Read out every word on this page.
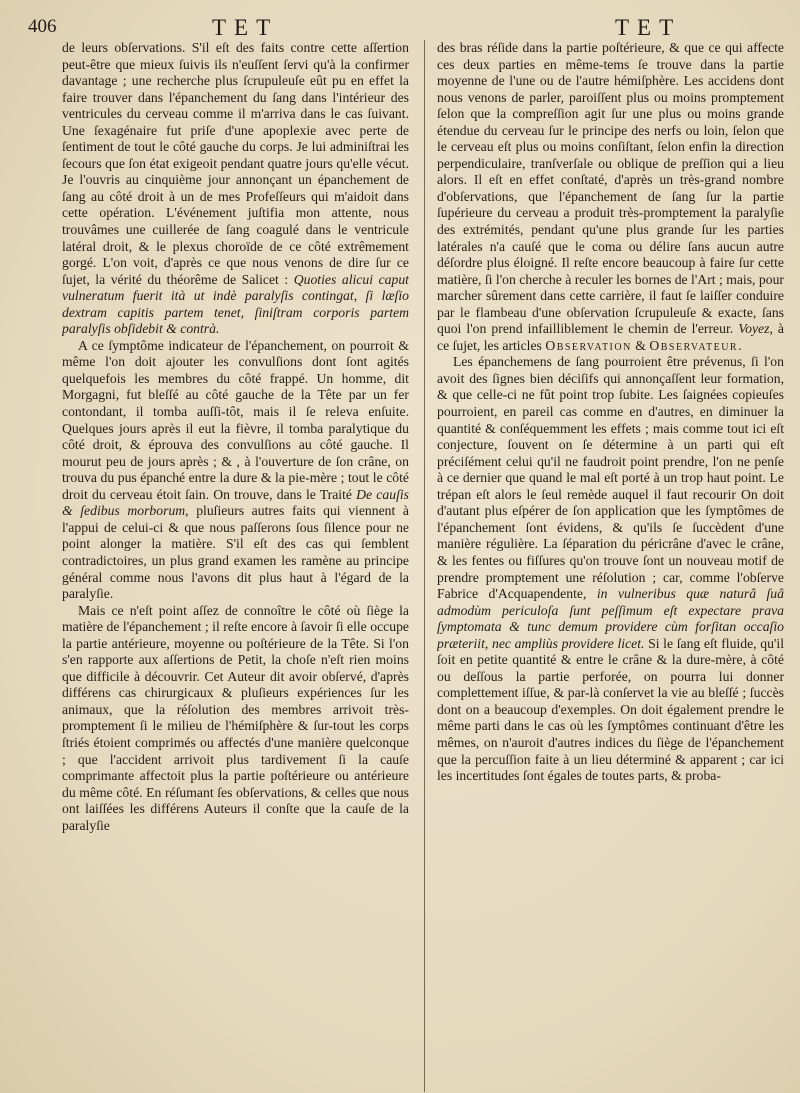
406	TET	TET

de leurs obſervations. S'il eſt des faits contre cette aſſertion peut-être que mieux ſuivis ils n'euſſent ſervi qu'à la confirmer davantage ; une recherche plus ſcrupuleuſe eût pu en effet la faire trouver dans l'épanchement du ſang dans l'intérieur des ventricules du cerveau comme il m'arriva dans le cas ſuivant. Une ſexagénaire fut priſe d'une apoplexie avec perte de ſentiment de tout le côté gauche du corps. Je lui adminiſtrai les ſecours que ſon état exigeoit pendant quatre jours qu'elle vécut. Je l'ouvris au cinquième jour annonçant un épanchement de ſang au côté droit à un de mes Profeſſeurs qui m'aidoit dans cette opération. L'événement juſtifia mon attente, nous trouvâmes une cuillerée de ſang coagulé dans le ventricule latéral droit, & le plexus choroïde de ce côté extrêmement gorgé. L'on voit, d'après ce que nous venons de dire ſur ce ſujet, la vérité du théorême de Salicet : Quoties alicui caput vulneratum fuerit ità ut indè paralyſis contingat, ſi læſio dextram capitis partem tenet, ſiniſtram corporis partem paralyſis obſidebit & contrà.

A ce ſymptôme indicateur de l'épanchement, on pourroit & même l'on doit ajouter les convulſions dont ſont agités quelquefois les membres du côté frappé. Un homme, dit Morgagni, fut bleſſé au côté gauche de la Tête par un fer contondant, il tomba auſſi-tôt, mais il ſe releva enſuite. Quelques jours après il eut la fièvre, il tomba paralytique du côté droit, & éprouva des convulſions au côté gauche. Il mourut peu de jours après ; & , à l'ouverture de ſon crâne, on trouva du pus épanché entre la dure & la pie-mère ; tout le côté droit du cerveau étoit ſain. On trouve, dans le Traité De cauſis & ſedibus morborum, pluſieurs autres faits qui viennent à l'appui de celui-ci & que nous paſſerons ſous ſilence pour ne point alonger la matière. S'il eſt des cas qui ſemblent contradictoires, un plus grand examen les ramène au principe général comme nous l'avons dit plus haut à l'égard de la paralyſie.

Mais ce n'eſt point aſſez de connoître le côté où ſiège la matière de l'épanchement ; il reſte encore à ſavoir ſi elle occupe la partie antérieure, moyenne ou poſtérieure de la Tête. Si l'on s'en rapporte aux aſſertions de Petit, la choſe n'eſt rien moins que difficile à découvrir. Cet Auteur dit avoir obſervé, d'après différens cas chirurgicaux & pluſieurs expériences ſur les animaux, que la réſolution des membres arrivoit très-promptement ſi le milieu de l'hémiſphère & ſur-tout les corps ſtriés étoient comprimés ou affectés d'une manière quelconque ; que l'accident arrivoit plus tardivement ſi la cauſe comprimante affectoit plus la partie poſtérieure ou antérieure du même côté. En réſumant ſes obſervations, & celles que nous ont laiſſées les différens Auteurs il conſte que la cauſe de la paralyſie

des bras réſide dans la partie poſtérieure, & que ce qui affecte ces deux parties en même-tems ſe trouve dans la partie moyenne de l'une ou de l'autre hémiſphère. Les accidens dont nous venons de parler, paroiſſent plus ou moins promptement ſelon que la compreſſion agit ſur une plus ou moins grande étendue du cerveau ſur le principe des nerfs ou loin, ſelon que le cerveau eſt plus ou moins conſiſtant, ſelon enfin la direction perpendiculaire, tranſverſale ou oblique de preſſion qui a lieu alors. Il eſt en effet conſtaté, d'après un très-grand nombre d'obſervations, que l'épanchement de ſang ſur la partie ſupérieure du cerveau a produit très-promptement la paralyſie des extrémités, pendant qu'une plus grande ſur les parties latérales n'a cauſé que le coma ou délire ſans aucun autre déſordre plus éloigné. Il reſte encore beaucoup à faire ſur cette matière, ſi l'on cherche à reculer les bornes de l'Art ; mais, pour marcher sûrement dans cette carrière, il faut ſe laiſſer conduire par le flambeau d'une obſervation ſcrupuleuſe & exacte, ſans quoi l'on prend infailliblement le chemin de l'erreur. Voyez, à ce ſujet, les articles Observation & Observateur.

Les épanchemens de ſang pourroient être prévenus, ſi l'on avoit des ſignes bien déciſifs qui annonçaſſent leur formation, & que celle-ci ne fût point trop ſubite. Les ſaignées copieuſes pourroient, en pareil cas comme en d'autres, en diminuer la quantité & conſéquemment les effets ; mais comme tout ici eſt conjecture, ſouvent on ſe détermine à un parti qui eſt préciſément celui qu'il ne faudroit point prendre, l'on ne penſe à ce dernier que quand le mal eſt porté à un trop haut point. Le trépan eſt alors le ſeul remède auquel il faut recourir On doit d'autant plus eſpérer de ſon application que les ſymptômes de l'épanchement ſont évidens, & qu'ils ſe ſuccèdent d'une manière régulière. La ſéparation du péricrâne d'avec le crâne, & les fentes ou fiſſures qu'on trouve ſont un nouveau motif de prendre promptement une réſolution ; car, comme l'obſerve Fabrice d'Acquapendente, in vulneribus quæ naturâ ſuâ admodùm periculoſa ſunt peſſimum eſt expectare prava ſymptomata & tunc demum providere cùm forſitan occaſio præteriit, nec ampliùs providere licet. Si le ſang eſt fluide, qu'il ſoit en petite quantité & entre le crâne & la dure-mère, à côté ou deſſous la partie perforée, on pourra lui donner complettement iſſue, & par-là conſervet la vie au bleſſé ; ſuccès dont on a beaucoup d'exemples. On doit également prendre le même parti dans le cas où les ſymptômes continuant d'être les mêmes, on n'auroit d'autres indices du ſiège de l'épanchement que la percuſſion faite à un lieu déterminé & apparent ; car ici les incertitudes ſont égales de toutes parts, & proba-
